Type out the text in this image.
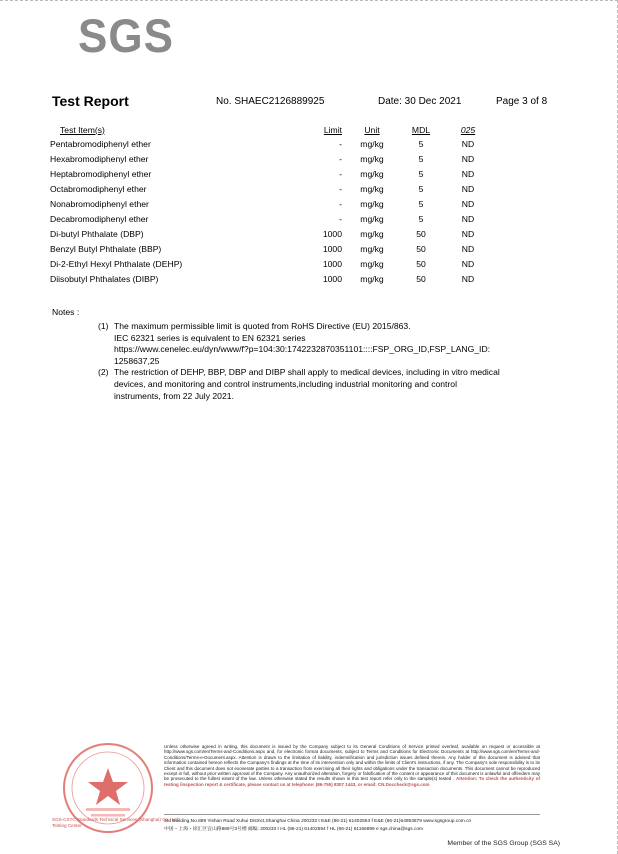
SGS
Test Report	No. SHAEC2126889925	Date: 30 Dec 2021	Page 3 of 8
Test Item(s)	Limit	Unit	MDL	025
Pentabromodiphenyl ether	-	mg/kg	5	ND
Hexabromodiphenyl ether	-	mg/kg	5	ND
Heptabromodiphenyl ether	-	mg/kg	5	ND
Octabromodiphenyl ether	-	mg/kg	5	ND
Nonabromodiphenyl ether	-	mg/kg	5	ND
Decabromodiphenyl ether	-	mg/kg	5	ND
Di-butyl Phthalate (DBP)	1000	mg/kg	50	ND
Benzyl Butyl Phthalate (BBP)	1000	mg/kg	50	ND
Di-2-Ethyl Hexyl Phthalate (DEHP)	1000	mg/kg	50	ND
Diisobutyl Phthalates (DIBP)	1000	mg/kg	50	ND
Notes :
(1) The maximum permissible limit is quoted from RoHS Directive (EU) 2015/863.
IEC 62321 series is equivalent to EN 62321 series
https://www.cenelec.eu/dyn/www/f?p=104:30:1742232870351101::::FSP_ORG_ID,FSP_LANG_ID:
1258637,25
(2) The restriction of DEHP, BBP, DBP and DIBP shall apply to medical devices, including in vitro medical
devices, and monitoring and control instruments,including industrial monitoring and control
instruments, from 22 July 2021.
SGS-CSTC Standards Technical Services (Shanghai) Co., Ltd.
Testing Center
Unless otherwise agreed in writing, this document is issued by the Company subject to its General Conditions of Service printed overleaf, available on request or accessible at http://www.sgs.com/en/Terms-and-Conditions.aspx and, for electronic format documents, subject to Terms and Conditions for Electronic Documents at http://www.sgs.com/en/Terms-and-Conditions/Terms-e-Document.aspx. Attention is drawn to the limitation of liability, indemnification and jurisdiction issues defined therein. Any holder of this document is advised that information contained hereon reflects the Company's findings at the time of its intervention only and within the limits of Client's instructions, if any. The Company's sole responsibility is to its Client and this document does not exonerate parties to a transaction from exercising all their rights and obligations under the transaction documents. This document cannot be reproduced except in full, without prior written approval of the Company. Any unauthorized alteration, forgery or falsification of the content or appearance of this document is unlawful and offenders may be prosecuted to the fullest extent of the law. Unless otherwise stated the results shown in this test report refer only to the sample(s) tested . Attention: To check the authenticity of testing /inspection report & certificate, please contact us at telephone: (86-755) 8307 1443, or email: CN.Doccheck@sgs.com
3rd Building,No.889 Yishan Road Xuhui District,Shanghai China 200233 t E&E (86-21) 61402553 f E&E (86-21)64953679 www.sgsgroup.com.cn
中国・上海・徐汇区宜山路889号3号楼 邮编: 200233 t HL (86-21) 61402594 f HL (86-21) 61156899 e sgs.china@sgs.com
Member of the SGS Group (SGS SA)
